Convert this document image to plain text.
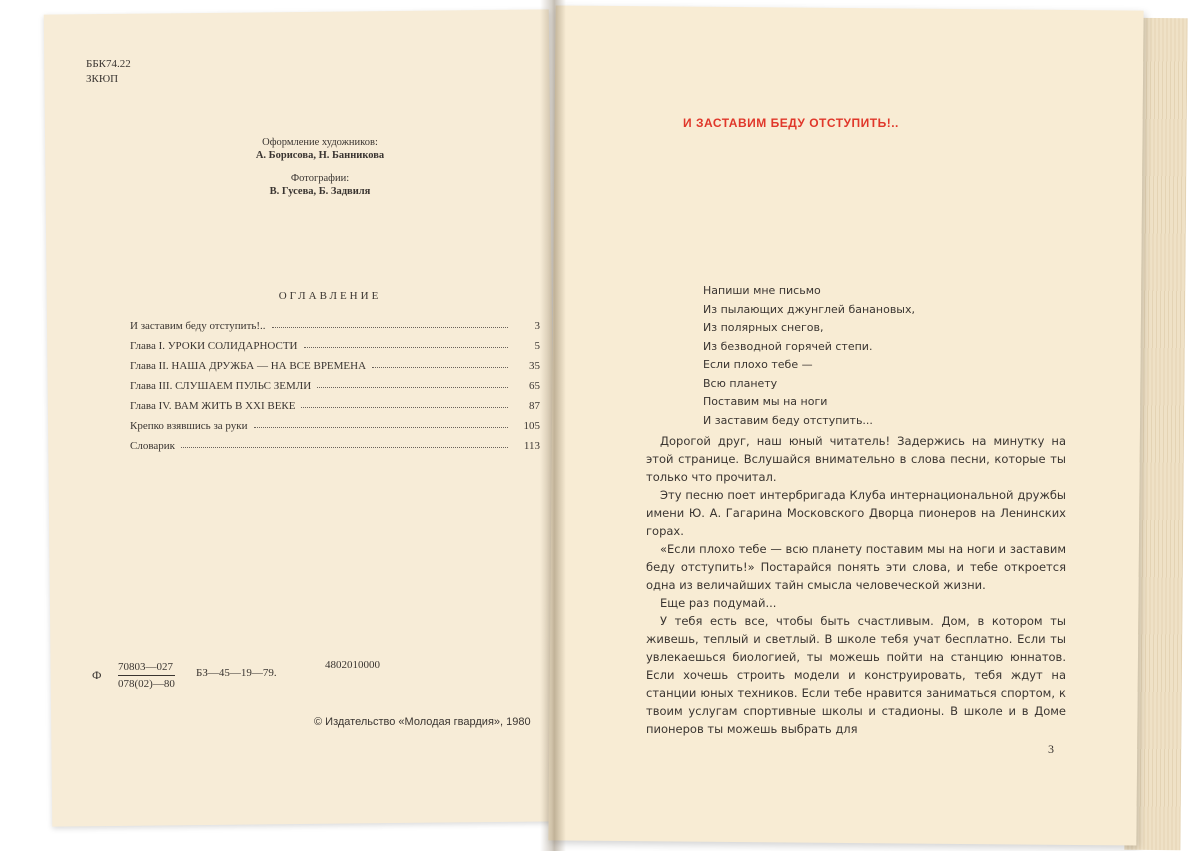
ББК74.22
ЗКЮП
Оформление художников:
А. Борисова, Н. Банникова
Фотографии:
В. Гусева, Б. Задвиля
ОГЛАВЛЕНИЕ
И заставим беду отступить!..	3
Глава I. УРОКИ СОЛИДАРНОСТИ	5
Глава II. НАША ДРУЖБА — НА ВСЕ ВРЕМЕНА	35
Глава III. СЛУШАЕМ ПУЛЬС ЗЕМЛИ	65
Глава IV. ВАМ ЖИТЬ В XXI ВЕКЕ	87
Крепко взявшись за руки	105
Словарик	113
Ф
70803—027
078(02)—80
БЗ—45—19—79.
4802010000
© Издательство «Молодая гвардия», 1980
И ЗАСТАВИМ БЕДУ ОТСТУПИТЬ!..
Напиши мне письмо
Из пылающих джунглей банановых,
Из полярных снегов,
Из безводной горячей степи.
Если плохо тебе —
Всю планету
Поставим мы на ноги
И заставим беду отступить...

Дорогой друг, наш юный читатель! Задержись на минутку на этой странице. Вслушайся внимательно в слова песни, которые ты только что прочитал.

Эту песню поет интербригада Клуба интернациональной дружбы имени Ю. А. Гагарина Московского Дворца пионеров на Ленинских горах.

«Если плохо тебе — всю планету поставим мы на ноги и заставим беду отступить!» Постарайся понять эти слова, и тебе откроется одна из величайших тайн смысла человеческой жизни.

Еще раз подумай...

У тебя есть все, чтобы быть счастливым. Дом, в котором ты живешь, теплый и светлый. В школе тебя учат бесплатно. Если ты увлекаешься биологией, ты можешь пойти на станцию юннатов. Если хочешь строить модели и конструировать, тебя ждут на станции юных техников. Если тебе нравится заниматься спортом, к твоим услугам спортивные школы и стадионы. В школе и в Доме пионеров ты можешь выбрать для

3
